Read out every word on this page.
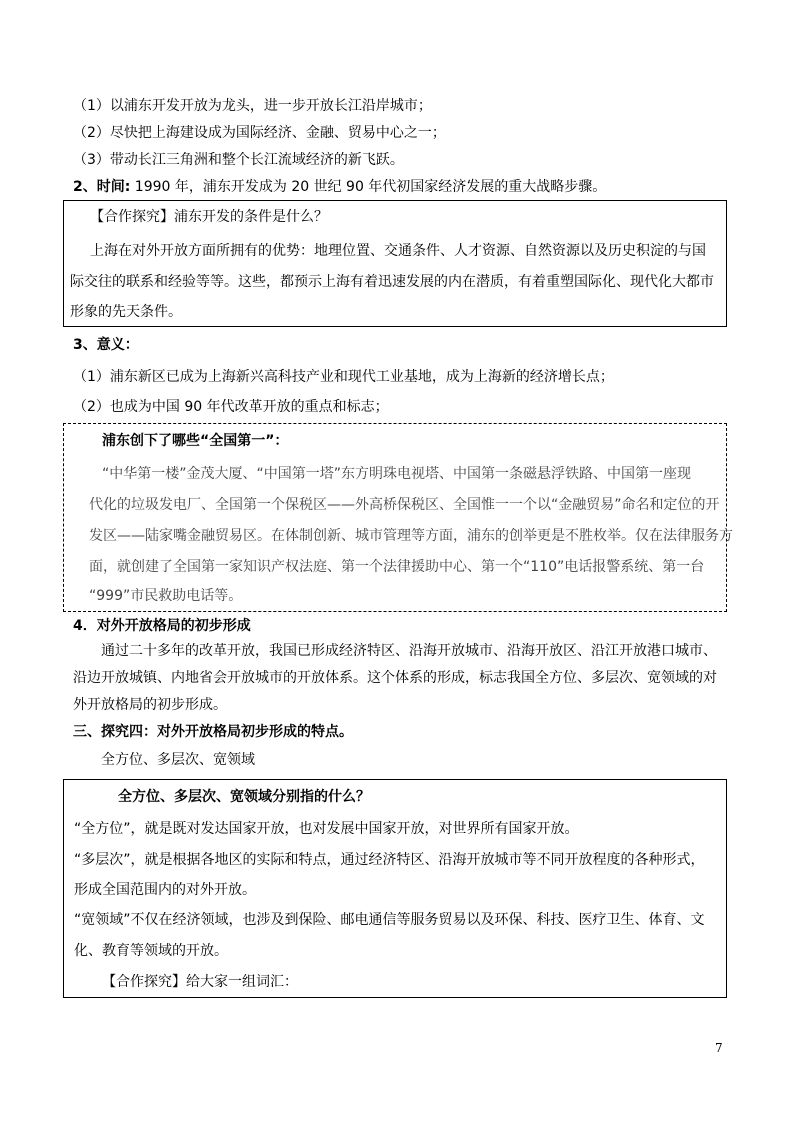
（1）以浦东开发开放为龙头，进一步开放长江沿岸城市；
（2）尽快把上海建设成为国际经济、金融、贸易中心之一；
（3）带动长江三角洲和整个长江流域经济的新飞跃。
2、时间: 1990 年，浦东开发成为 20 世纪 90 年代初国家经济发展的重大战略步骤。
【合作探究】浦东开发的条件是什么？
上海在对外开放方面所拥有的优势：地理位置、交通条件、人才资源、自然资源以及历史积淀的与国
际交往的联系和经验等等。这些，都预示上海有着迅速发展的内在潜质，有着重塑国际化、现代化大都市
形象的先天条件。
3、意义：
（1）浦东新区已成为上海新兴高科技产业和现代工业基地，成为上海新的经济增长点；
（2）也成为中国 90 年代改革开放的重点和标志；
浦东创下了哪些“全国第一”：
“中华第一楼”金茂大厦、“中国第一塔”东方明珠电视塔、中国第一条磁悬浮铁路、中国第一座现
代化的垃圾发电厂、全国第一个保税区——外高桥保税区、全国惟一一个以“金融贸易”命名和定位的开
发区——陆家嘴金融贸易区。在体制创新、城市管理等方面，浦东的创举更是不胜枚举。仅在法律服务方
面，就创建了全国第一家知识产权法庭、第一个法律援助中心、第一个“110”电话报警系统、第一台
“999”市民救助电话等。
4．对外开放格局的初步形成
通过二十多年的改革开放，我国已形成经济特区、沿海开放城市、沿海开放区、沿江开放港口城市、
沿边开放城镇、内地省会开放城市的开放体系。这个体系的形成，标志我国全方位、多层次、宽领域的对
外开放格局的初步形成。
三、探究四：对外开放格局初步形成的特点。
全方位、多层次、宽领域
全方位、多层次、宽领域分别指的什么？
“全方位”，就是既对发达国家开放，也对发展中国家开放，对世界所有国家开放。
“多层次”，就是根据各地区的实际和特点，通过经济特区、沿海开放城市等不同开放程度的各种形式，
形成全国范围内的对外开放。
“宽领域”不仅在经济领域，也涉及到保险、邮电通信等服务贸易以及环保、科技、医疗卫生、体育、文
化、教育等领域的开放。
【合作探究】给大家一组词汇：
7
